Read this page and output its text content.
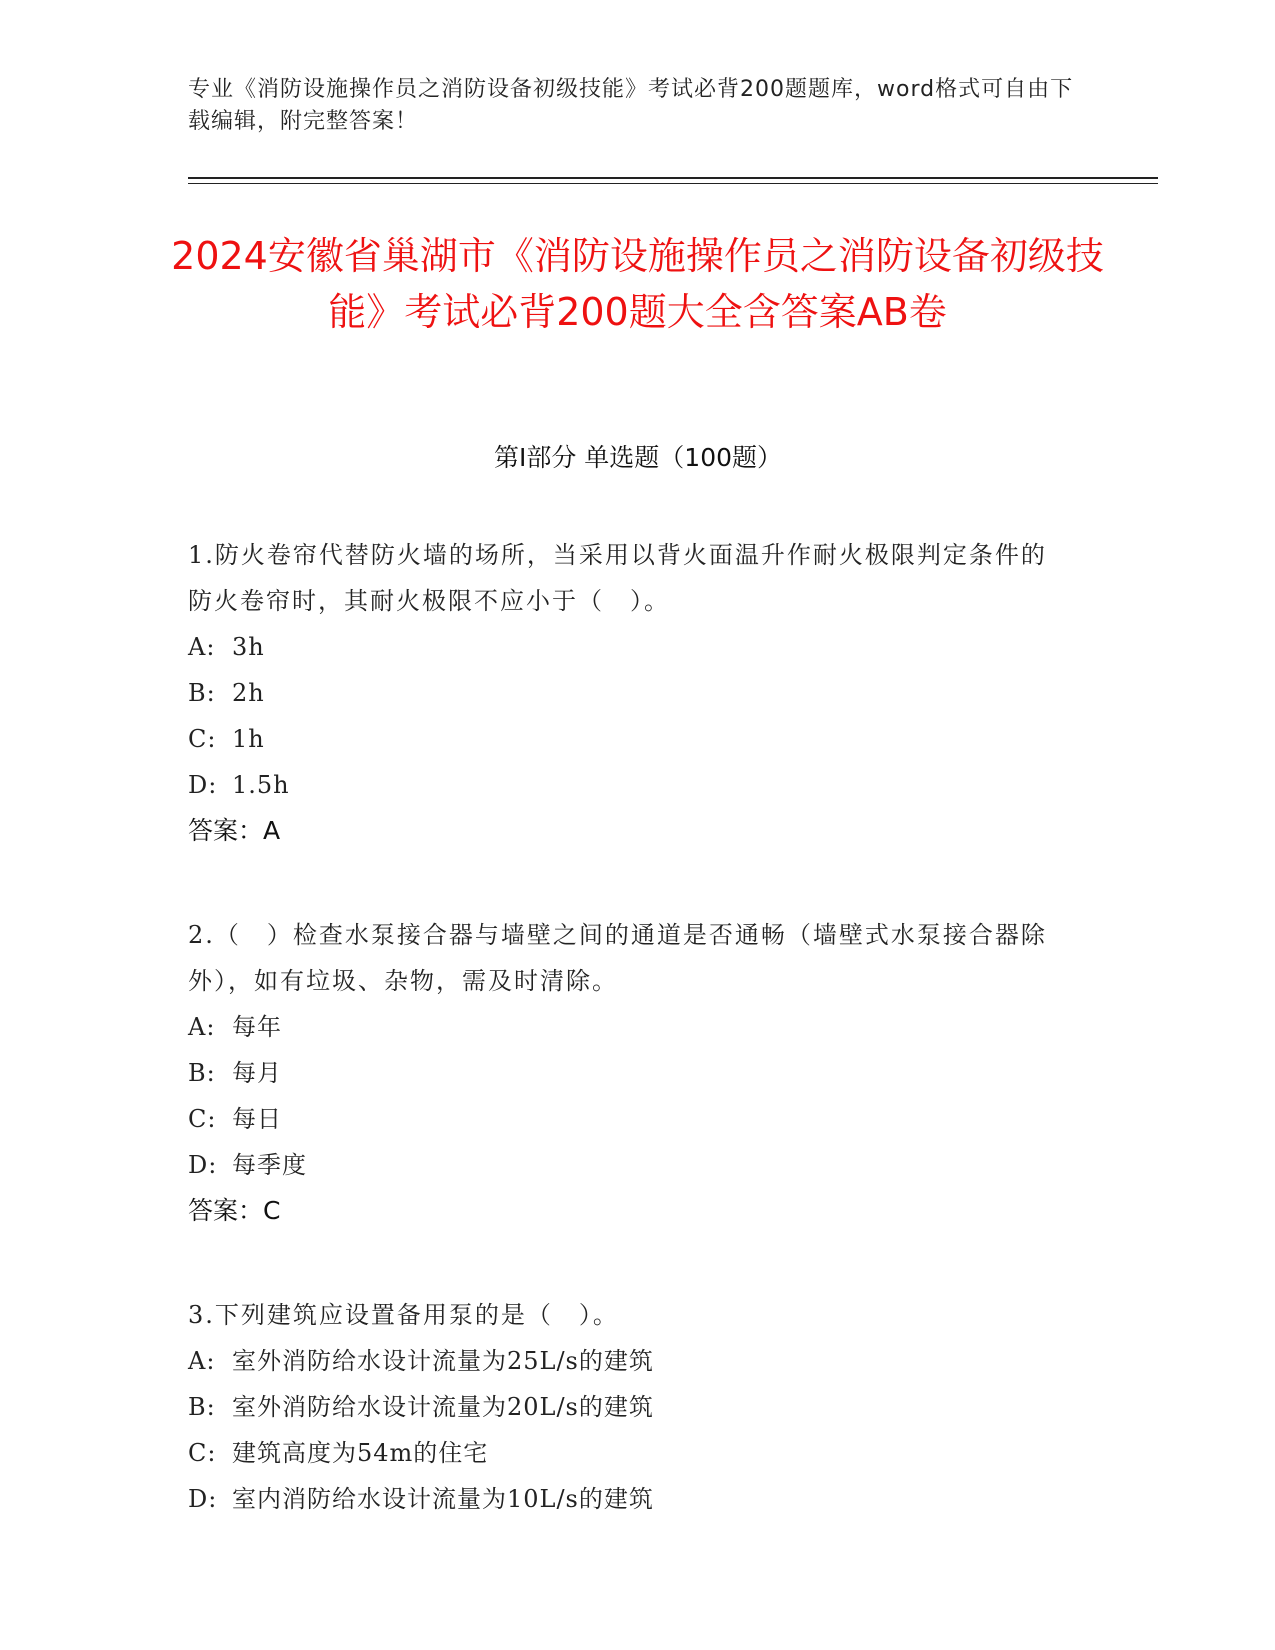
专业《消防设施操作员之消防设备初级技能》考试必背200题题库，word格式可自由下载编辑，附完整答案！
2024安徽省巢湖市《消防设施操作员之消防设备初级技能》考试必背200题大全含答案AB卷
第I部分 单选题（100题）
1.防火卷帘代替防火墙的场所，当采用以背火面温升作耐火极限判定条件的防火卷帘时，其耐火极限不应小于（　）。
A: 3h
B: 2h
C: 1h
D: 1.5h
答案：A
2.（　）检查水泵接合器与墙壁之间的通道是否通畅（墙壁式水泵接合器除外），如有垃圾、杂物，需及时清除。
A: 每年
B: 每月
C: 每日
D: 每季度
答案：C
3.下列建筑应设置备用泵的是（　）。
A: 室外消防给水设计流量为25L/s的建筑
B: 室外消防给水设计流量为20L/s的建筑
C: 建筑高度为54m的住宅
D: 室内消防给水设计流量为10L/s的建筑
